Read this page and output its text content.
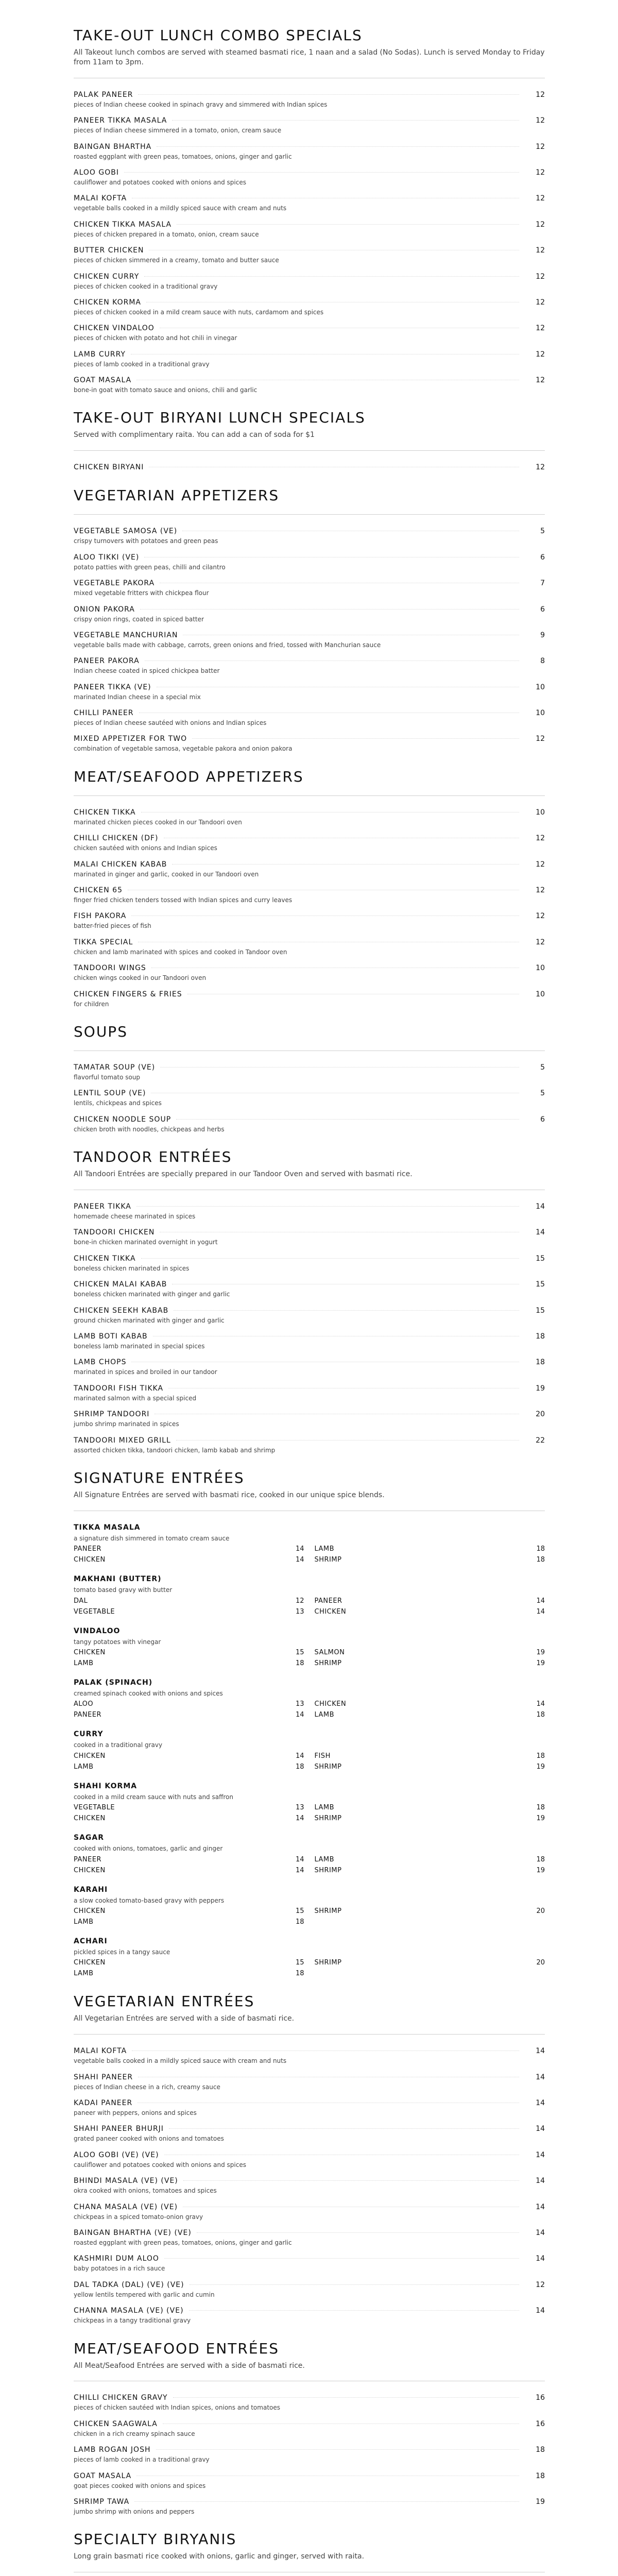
TAKE-OUT LUNCH COMBO SPECIALS

All Takeout lunch combos are served with steamed basmati rice, 1 naan and a salad (No Sodas). Lunch is served Monday to Friday from 11am to 3pm.

PALAK PANEER	12
pieces of Indian cheese cooked in spinach gravy and simmered with Indian spices
PANEER TIKKA MASALA	12
pieces of Indian cheese simmered in a tomato, onion, cream sauce
BAINGAN BHARTHA	12
roasted eggplant with green peas, tomatoes, onions, ginger and garlic
ALOO GOBI	12
cauliflower and potatoes cooked with onions and spices
MALAI KOFTA	12
vegetable balls cooked in a mildly spiced sauce with cream and nuts
CHICKEN TIKKA MASALA	12
pieces of chicken prepared in a tomato, onion, cream sauce
BUTTER CHICKEN	12
pieces of chicken simmered in a creamy, tomato and butter sauce
CHICKEN CURRY	12
pieces of chicken cooked in a traditional gravy
CHICKEN KORMA	12
pieces of chicken cooked in a mild cream sauce with nuts, cardamom and spices
CHICKEN VINDALOO	12
pieces of chicken with potato and hot chili in vinegar
LAMB CURRY	12
pieces of lamb cooked in a traditional gravy
GOAT MASALA	12
bone-in goat with tomato sauce and onions, chili and garlic
TAKE-OUT BIRYANI LUNCH SPECIALS

Served with complimentary raita. You can add a can of soda for $1

CHICKEN BIRYANI	12
VEGETARIAN APPETIZERS
VEGETABLE SAMOSA (VE)	5
crispy turnovers with potatoes and green peas
ALOO TIKKI (VE)	6
potato patties with green peas, chilli and cilantro
VEGETABLE PAKORA	7
mixed vegetable fritters with chickpea flour
ONION PAKORA	6
crispy onion rings, coated in spiced batter
VEGETABLE MANCHURIAN	9
vegetable balls made with cabbage, carrots, green onions and fried, tossed with Manchurian sauce
PANEER PAKORA	8
Indian cheese coated in spiced chickpea batter
PANEER TIKKA (VE)	10
marinated Indian cheese in a special mix
CHILLI PANEER	10
pieces of Indian cheese sautéed with onions and Indian spices
MIXED APPETIZER FOR TWO	12
combination of vegetable samosa, vegetable pakora and onion pakora
MEAT/SEAFOOD APPETIZERS
CHICKEN TIKKA	10
marinated chicken pieces cooked in our Tandoori oven
CHILLI CHICKEN (DF)	12
chicken sautéed with onions and Indian spices
MALAI CHICKEN KABAB	12
marinated in ginger and garlic, cooked in our Tandoori oven
CHICKEN 65	12
finger fried chicken tenders tossed with Indian spices and curry leaves
FISH PAKORA	12
batter-fried pieces of fish
TIKKA SPECIAL	12
chicken and lamb marinated with spices and cooked in Tandoor oven
TANDOORI WINGS	10
chicken wings cooked in our Tandoori oven
CHICKEN FINGERS & FRIES	10
for children
SOUPS
TAMATAR SOUP (VE)	5
flavorful tomato soup
LENTIL SOUP (VE)	5
lentils, chickpeas and spices
CHICKEN NOODLE SOUP	6
chicken broth with noodles, chickpeas and herbs
TANDOOR ENTRÉES

All Tandoori Entrées are specially prepared in our Tandoor Oven and served with basmati rice.

PANEER TIKKA	14
homemade cheese marinated in spices
TANDOORI CHICKEN	14
bone-in chicken marinated overnight in yogurt
CHICKEN TIKKA	15
boneless chicken marinated in spices
CHICKEN MALAI KABAB	15
boneless chicken marinated with ginger and garlic
CHICKEN SEEKH KABAB	15
ground chicken marinated with ginger and garlic
LAMB BOTI KABAB	18
boneless lamb marinated in special spices
LAMB CHOPS	18
marinated in spices and broiled in our tandoor
TANDOORI FISH TIKKA	19
marinated salmon with a special spiced
SHRIMP TANDOORI	20
jumbo shrimp marinated in spices
TANDOORI MIXED GRILL	22
assorted chicken tikka, tandoori chicken, lamb kabab and shrimp
SIGNATURE ENTRÉES

All Signature Entrées are served with basmati rice, cooked in our unique spice blends.

TIKKA MASALA
a signature dish simmered in tomato cream sauce
PANEER	14 LAMB	18
CHICKEN	14 SHRIMP	18
MAKHANI (BUTTER)
tomato based gravy with butter
DAL	12 PANEER	14
VEGETABLE	13 CHICKEN	14
VINDALOO
tangy potatoes with vinegar
CHICKEN	15 SALMON	19
LAMB	18 SHRIMP	19
PALAK (SPINACH)
creamed spinach cooked with onions and spices
ALOO	13 CHICKEN	14
PANEER	14 LAMB	18
CURRY
cooked in a traditional gravy
CHICKEN	14 FISH	18
LAMB	18 SHRIMP	19
SHAHI KORMA
cooked in a mild cream sauce with nuts and saffron
VEGETABLE	13 LAMB	18
CHICKEN	14 SHRIMP	19
SAGAR
cooked with onions, tomatoes, garlic and ginger
PANEER	14 LAMB	18
CHICKEN	14 SHRIMP	19
KARAHI
a slow cooked tomato-based gravy with peppers
CHICKEN	15 SHRIMP	20
LAMB	18
ACHARI
pickled spices in a tangy sauce
CHICKEN	15 SHRIMP	20
LAMB	18
VEGETARIAN ENTRÉES

All Vegetarian Entrées are served with a side of basmati rice.

MALAI KOFTA	14
vegetable balls cooked in a mildly spiced sauce with cream and nuts
SHAHI PANEER	14
pieces of Indian cheese in a rich, creamy sauce
KADAI PANEER	14
paneer with peppers, onions and spices
SHAHI PANEER BHURJI	14
grated paneer cooked with onions and tomatoes
ALOO GOBI (VE) (VE)	14
cauliflower and potatoes cooked with onions and spices
BHINDI MASALA (VE) (VE)	14
okra cooked with onions, tomatoes and spices
CHANA MASALA (VE) (VE)	14
chickpeas in a spiced tomato-onion gravy
BAINGAN BHARTHA (VE) (VE)	14
roasted eggplant with green peas, tomatoes, onions, ginger and garlic
KASHMIRI DUM ALOO	14
baby potatoes in a rich sauce
DAL TADKA (DAL) (VE) (VE)	12
yellow lentils tempered with garlic and cumin
CHANNA MASALA (VE) (VE)	14
chickpeas in a tangy traditional gravy
MEAT/SEAFOOD ENTRÉES

All Meat/Seafood Entrées are served with a side of basmati rice.

CHILLI CHICKEN GRAVY	16
pieces of chicken sautéed with Indian spices, onions and tomatoes
CHICKEN SAAGWALA	16
chicken in a rich creamy spinach sauce
LAMB ROGAN JOSH	18
pieces of lamb cooked in a traditional gravy
GOAT MASALA	18
goat pieces cooked with onions and spices
SHRIMP TAWA	19
jumbo shrimp with onions and peppers
SPECIALTY BIRYANIS

Long grain basmati rice cooked with onions, garlic and ginger, served with raita.
